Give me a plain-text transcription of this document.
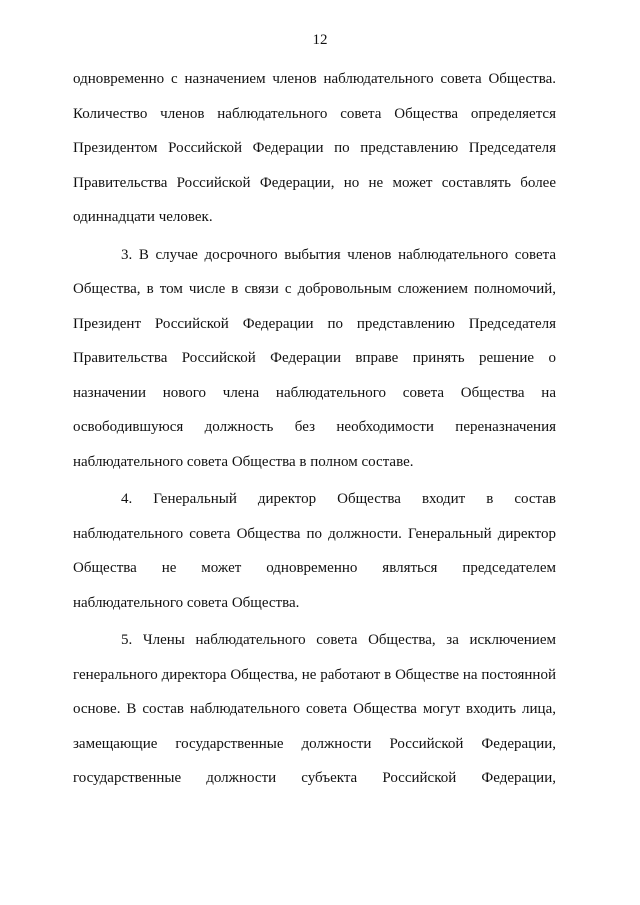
12
одновременно с назначением членов наблюдательного совета Общества.
Количество членов наблюдательного совета Общества определяется
Президентом Российской Федерации по представлению Председателя
Правительства Российской Федерации, но не может составлять более
одиннадцати человек.
3. В случае досрочного выбытия членов наблюдательного совета
Общества, в том числе в связи с добровольным сложением полномочий,
Президент Российской Федерации по представлению Председателя
Правительства Российской Федерации вправе принять решение о
назначении нового члена наблюдательного совета Общества на
освободившуюся должность без необходимости переназначения
наблюдательного совета Общества в полном составе.
4. Генеральный директор Общества входит в состав
наблюдательного совета Общества по должности. Генеральный директор
Общества не может одновременно являться председателем
наблюдательного совета Общества.
5. Члены наблюдательного совета Общества, за исключением
генерального директора Общества, не работают в Обществе на постоянной
основе. В состав наблюдательного совета Общества могут входить лица,
замещающие государственные должности Российской Федерации,
государственные должности субъекта Российской Федерации,
